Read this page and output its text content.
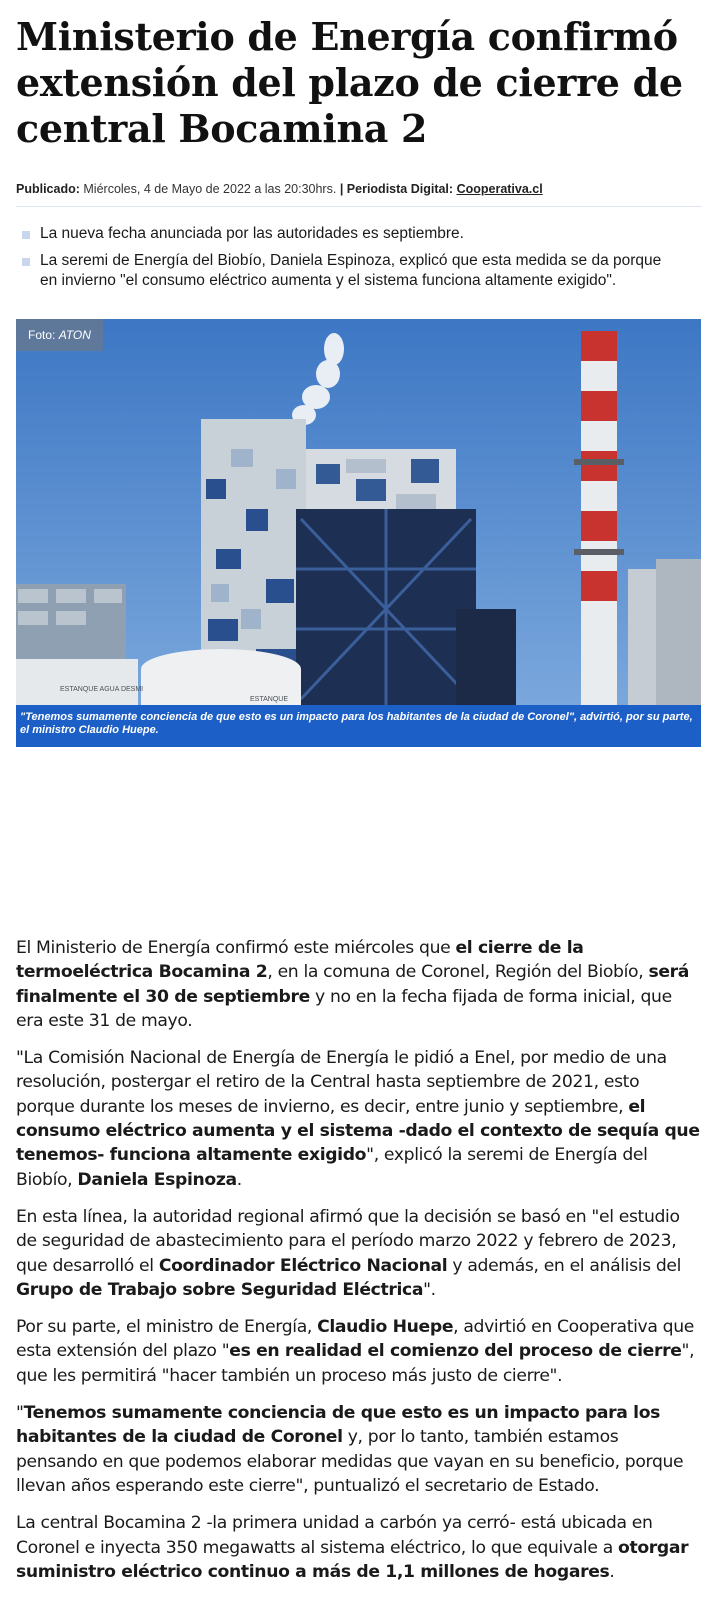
Ministerio de Energía confirmó extensión del plazo de cierre de central Bocamina 2
Publicado: Miércoles, 4 de Mayo de 2022 a las 20:30hrs. | Periodista Digital: Cooperativa.cl
La nueva fecha anunciada por las autoridades es septiembre.
La seremi de Energía del Biobío, Daniela Espinoza, explicó que esta medida se da porque en invierno "el consumo eléctrico aumenta y el sistema funciona altamente exigido".
ESTANQUE AGUA DESMI
ESTANQUE
Foto: ATON
"Tenemos sumamente conciencia de que esto es un impacto para los habitantes de la ciudad de Coronel", advirtió, por su parte, el ministro Claudio Huepe.

El Ministerio de Energía confirmó este miércoles que el cierre de la termoeléctrica Bocamina 2, en la comuna de Coronel, Región del Biobío, será finalmente el 30 de septiembre y no en la fecha fijada de forma inicial, que era este 31 de mayo.

"La Comisión Nacional de Energía de Energía le pidió a Enel, por medio de una resolución, postergar el retiro de la Central hasta septiembre de 2021, esto porque durante los meses de invierno, es decir, entre junio y septiembre, el consumo eléctrico aumenta y el sistema -dado el contexto de sequía que tenemos- funciona altamente exigido", explicó la seremi de Energía del Biobío, Daniela Espinoza.

En esta línea, la autoridad regional afirmó que la decisión se basó en "el estudio de seguridad de abastecimiento para el período marzo 2022 y febrero de 2023, que desarrolló el Coordinador Eléctrico Nacional y además, en el análisis del Grupo de Trabajo sobre Seguridad Eléctrica".

Por su parte, el ministro de Energía, Claudio Huepe, advirtió en Cooperativa que esta extensión del plazo "es en realidad el comienzo del proceso de cierre", que les permitirá "hacer también un proceso más justo de cierre".

"Tenemos sumamente conciencia de que esto es un impacto para los habitantes de la ciudad de Coronel y, por lo tanto, también estamos pensando en que podemos elaborar medidas que vayan en su beneficio, porque llevan años esperando este cierre", puntualizó el secretario de Estado.

La central Bocamina 2 -la primera unidad a carbón ya cerró- está ubicada en Coronel e inyecta 350 megawatts al sistema eléctrico, lo que equivale a otorgar suministro eléctrico continuo a más de 1,1 millones de hogares.
